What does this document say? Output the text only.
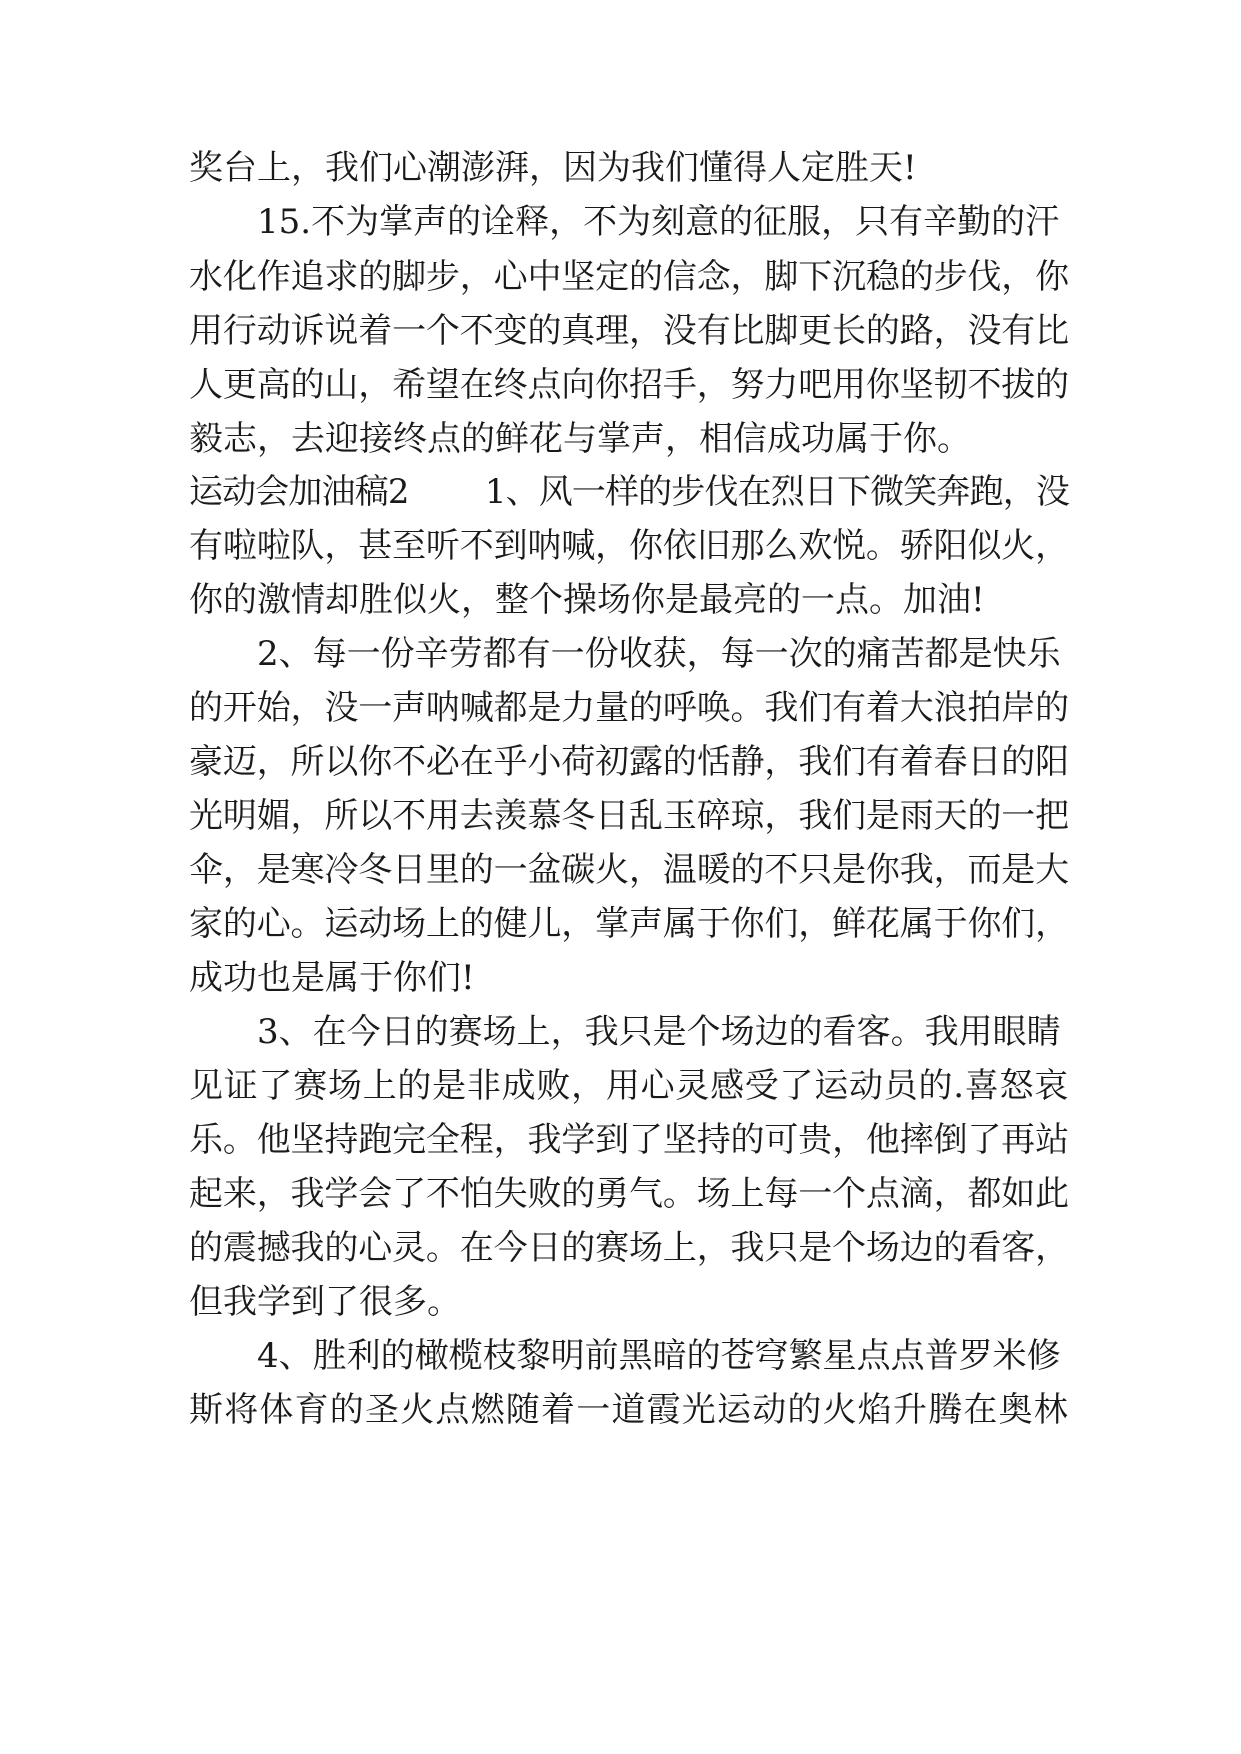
奖台上，我们心潮澎湃，因为我们懂得人定胜天!
15.不为掌声的诠释，不为刻意的征服，只有辛勤的汗
水化作追求的脚步，心中坚定的信念，脚下沉稳的步伐，你
用行动诉说着一个不变的真理，没有比脚更长的路，没有比
人更高的山，希望在终点向你招手，努力吧用你坚韧不拔的
毅志，去迎接终点的鲜花与掌声，相信成功属于你。
运动会加油稿2　　 1、风一样的步伐在烈日下微笑奔跑，没
有啦啦队，甚至听不到呐喊，你依旧那么欢悦。骄阳似火，
你的激情却胜似火，整个操场你是最亮的一点。加油!
2、每一份辛劳都有一份收获，每一次的痛苦都是快乐
的开始，没一声呐喊都是力量的呼唤。我们有着大浪拍岸的
豪迈，所以你不必在乎小荷初露的恬静，我们有着春日的阳
光明媚，所以不用去羡慕冬日乱玉碎琼，我们是雨天的一把
伞，是寒冷冬日里的一盆碳火，温暖的不只是你我，而是大
家的心。运动场上的健儿，掌声属于你们，鲜花属于你们，
成功也是属于你们!
3、在今日的赛场上，我只是个场边的看客。我用眼睛
见证了赛场上的是非成败，用心灵感受了运动员的.喜怒哀
乐。他坚持跑完全程，我学到了坚持的可贵，他摔倒了再站
起来，我学会了不怕失败的勇气。场上每一个点滴，都如此
的震撼我的心灵。在今日的赛场上，我只是个场边的看客，
但我学到了很多。
4、胜利的橄榄枝黎明前黑暗的苍穹繁星点点普罗米修
斯将体育的圣火点燃随着一道霞光运动的火焰升腾在奥林
